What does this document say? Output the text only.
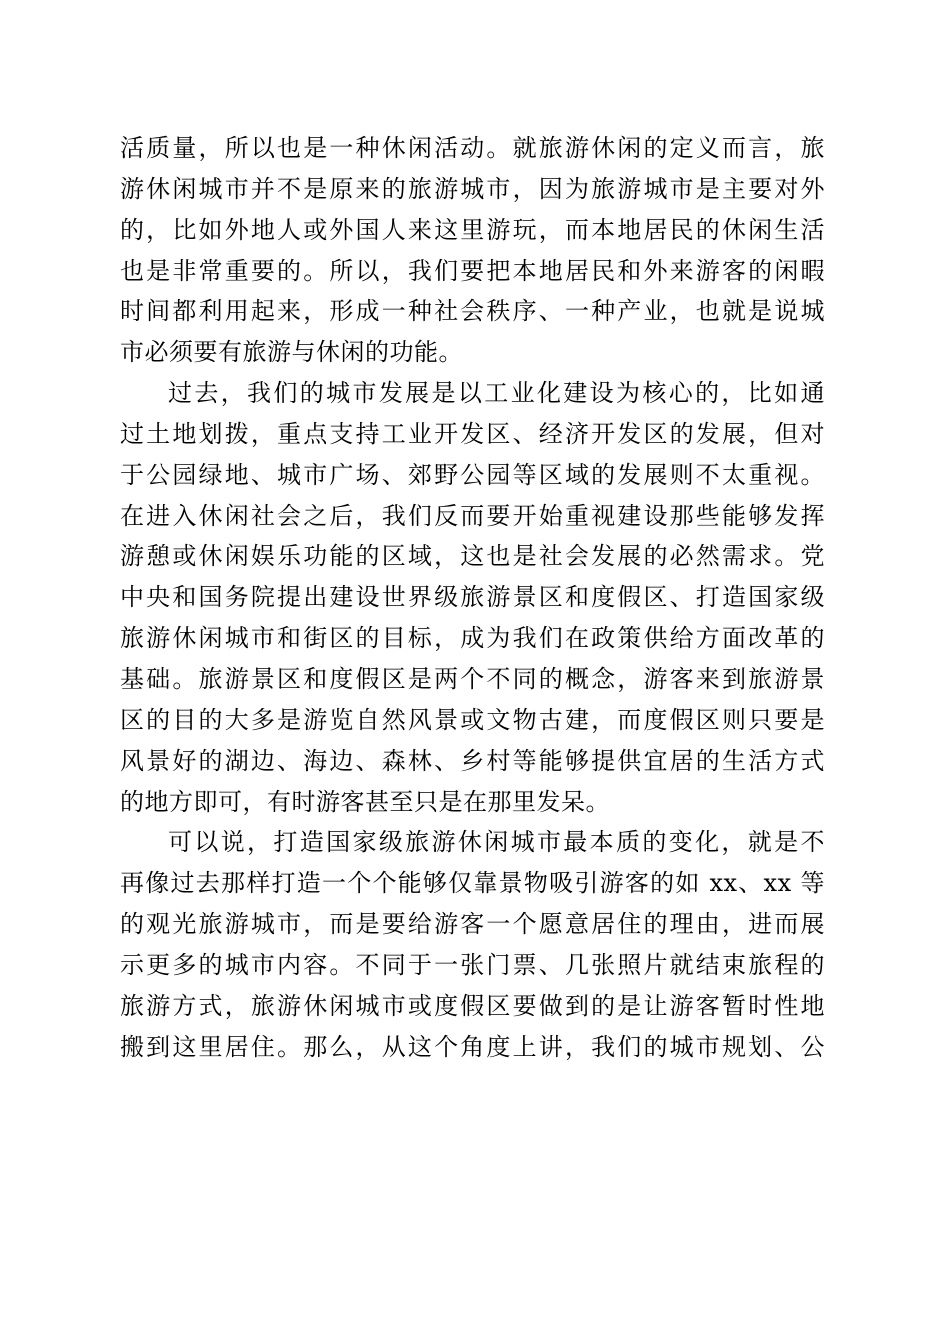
活质量，所以也是一种休闲活动。就旅游休闲的定义而言，旅
游休闲城市并不是原来的旅游城市，因为旅游城市是主要对外
的，比如外地人或外国人来这里游玩，而本地居民的休闲生活
也是非常重要的。所以，我们要把本地居民和外来游客的闲暇
时间都利用起来，形成一种社会秩序、一种产业，也就是说城
市必须要有旅游与休闲的功能。
过去，我们的城市发展是以工业化建设为核心的，比如通
过土地划拨，重点支持工业开发区、经济开发区的发展，但对
于公园绿地、城市广场、郊野公园等区域的发展则不太重视。
在进入休闲社会之后，我们反而要开始重视建设那些能够发挥
游憩或休闲娱乐功能的区域，这也是社会发展的必然需求。党
中央和国务院提出建设世界级旅游景区和度假区、打造国家级
旅游休闲城市和街区的目标，成为我们在政策供给方面改革的
基础。旅游景区和度假区是两个不同的概念，游客来到旅游景
区的目的大多是游览自然风景或文物古建，而度假区则只要是
风景好的湖边、海边、森林、乡村等能够提供宜居的生活方式
的地方即可，有时游客甚至只是在那里发呆。
可以说，打造国家级旅游休闲城市最本质的变化，就是不
再像过去那样打造一个个能够仅靠景物吸引游客的如 xx、xx 等
的观光旅游城市，而是要给游客一个愿意居住的理由，进而展
示更多的城市内容。不同于一张门票、几张照片就结束旅程的
旅游方式，旅游休闲城市或度假区要做到的是让游客暂时性地
搬到这里居住。那么，从这个角度上讲，我们的城市规划、公
